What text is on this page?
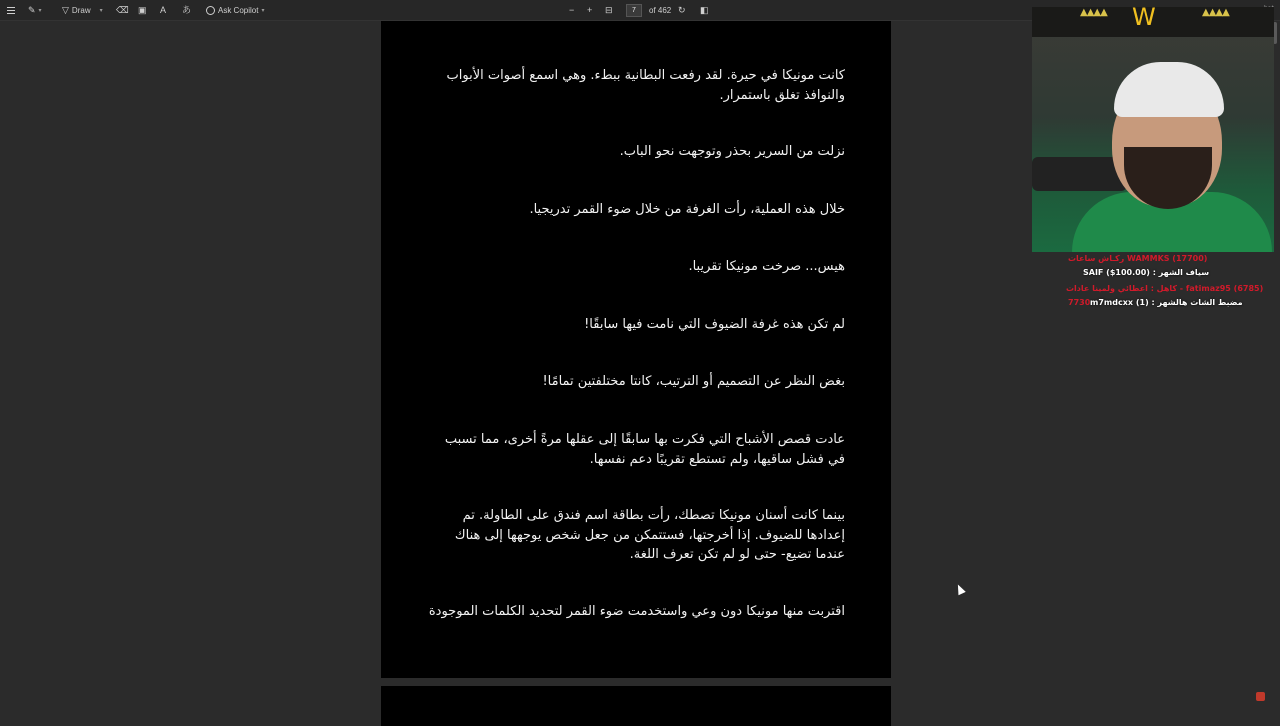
✎ ▾ ▽ Draw ▾ ⌫ ▣ A あ	Ask Copilot ▾	− + ⊟	7	of 462 ↻ ◧
كانت مونيكا في حيرة. لقد رفعت البطانية ببطء. وهي اسمع أصوات الأبواب والنوافذ تغلق باستمرار.
نزلت من السرير بحذر وتوجهت نحو الباب.
خلال هذه العملية، رأت الغرفة من خلال ضوء القمر تدريجيا.
هيس... صرخت مونيكا تقريبا.
لم تكن هذه غرفة الضيوف التي نامت فيها سابقًا!
بغض النظر عن التصميم أو الترتيب، كانتا مختلفتين تمامًا!
عادت قصص الأشباح التي فكرت بها سابقًا إلى عقلها مرةً أخرى، مما تسبب في فشل ساقيها، ولم تستطع تقريبًا دعم نفسها.
بينما كانت أسنان مونيكا تصطك، رأت بطاقة اسم فندق على الطاولة. تم إعدادها للضيوف. إذا أخرجتها، فستتمكن من جعل شخص يوجهها إلى هناك عندما تضيع- حتى لو لم تكن تعرف اللغة.
اقتربت منها مونيكا دون وعي واستخدمت ضوء القمر لتحديد الكلمات الموجودة
▲▲▲▲ W	▲▲▲▲
WAMMKS (17700) ركـاش ساعات
سياف الشهر : SAIF ($100.00)
fatimaz95 (6785) - كاهل : اعطائي ولمينا عادات
7730 مضبط الشات هالشهر : (1) m7mdcxx
